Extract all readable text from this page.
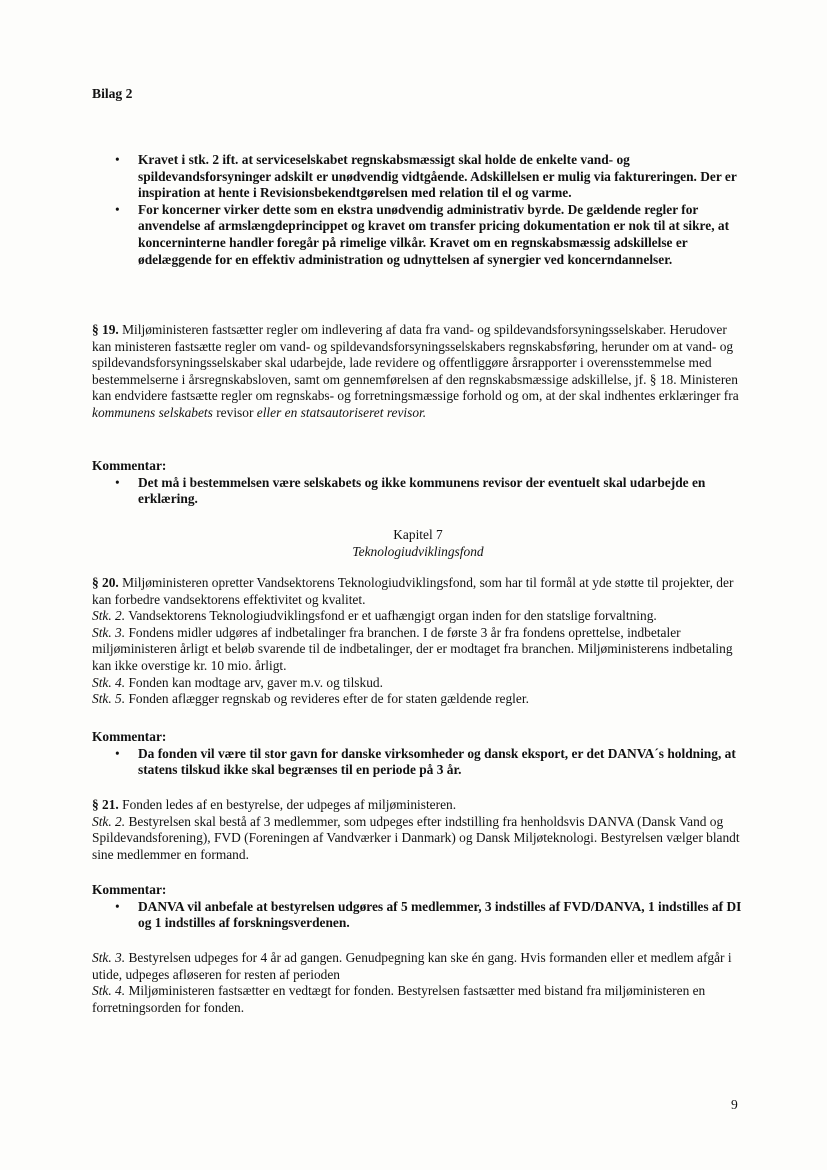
Bilag 2
• Kravet i stk. 2 ift. at serviceselskabet regnskabsmæssigt skal holde de enkelte vand- og spildevandsforsyninger adskilt er unødvendig vidtgående. Adskillelsen er mulig via faktureringen. Der er inspiration at hente i Revisionsbekendtgørelsen med relation til el og varme.
• For koncerner virker dette som en ekstra unødvendig administrativ byrde. De gældende regler for anvendelse af armslængdeprincippet og kravet om transfer pricing dokumentation er nok til at sikre, at koncerninterne handler foregår på rimelige vilkår. Kravet om en regnskabsmæssig adskillelse er ødelæggende for en effektiv administration og udnyttelsen af synergier ved koncerndannelser.

§ 19. Miljøministeren fastsætter regler om indlevering af data fra vand- og spildevandsforsyningsselskaber. Herudover kan ministeren fastsætte regler om vand- og spildevandsforsyningsselskabers regnskabsføring, herunder om at vand- og spildevandsforsyningsselskaber skal udarbejde, lade revidere og offentliggøre årsrapporter i overensstemmelse med bestemmelserne i årsregnskabsloven, samt om gennemførelsen af den regnskabsmæssige adskillelse, jf. § 18. Ministeren kan endvidere fastsætte regler om regnskabs- og forretningsmæssige forhold og om, at der skal indhentes erklæringer fra kommunens selskabets revisor eller en statsautoriseret revisor.

Kommentar:

• Det må i bestemmelsen være selskabets og ikke kommunens revisor der eventuelt skal udarbejde en erklæring.
Kapitel 7
Teknologiudviklingsfond

§ 20. Miljøministeren opretter Vandsektorens Teknologiudviklingsfond, som har til formål at yde støtte til projekter, der kan forbedre vandsektorens effektivitet og kvalitet.

Stk. 2. Vandsektorens Teknologiudviklingsfond er et uafhængigt organ inden for den statslige forvaltning.

Stk. 3. Fondens midler udgøres af indbetalinger fra branchen. I de første 3 år fra fondens oprettelse, indbetaler miljøministeren årligt et beløb svarende til de indbetalinger, der er modtaget fra branchen. Miljøministerens indbetaling kan ikke overstige kr. 10 mio. årligt.

Stk. 4. Fonden kan modtage arv, gaver m.v. og tilskud.

Stk. 5. Fonden aflægger regnskab og revideres efter de for staten gældende regler.

Kommentar:

• Da fonden vil være til stor gavn for danske virksomheder og dansk eksport, er det DANVA´s holdning, at statens tilskud ikke skal begrænses til en periode på 3 år.

§ 21. Fonden ledes af en bestyrelse, der udpeges af miljøministeren.

Stk. 2. Bestyrelsen skal bestå af 3 medlemmer, som udpeges efter indstilling fra henholdsvis DANVA (Dansk Vand og Spildevandsforening), FVD (Foreningen af Vandværker i Danmark) og Dansk Miljøteknologi. Bestyrelsen vælger blandt sine medlemmer en formand.

Kommentar:

• DANVA vil anbefale at bestyrelsen udgøres af 5 medlemmer, 3 indstilles af FVD/DANVA, 1 indstilles af DI og 1 indstilles af forskningsverdenen.

Stk. 3. Bestyrelsen udpeges for 4 år ad gangen. Genudpegning kan ske én gang. Hvis formanden eller et medlem afgår i utide, udpeges afløseren for resten af perioden

Stk. 4. Miljøministeren fastsætter en vedtægt for fonden. Bestyrelsen fastsætter med bistand fra miljøministeren en forretningsorden for fonden.

9
